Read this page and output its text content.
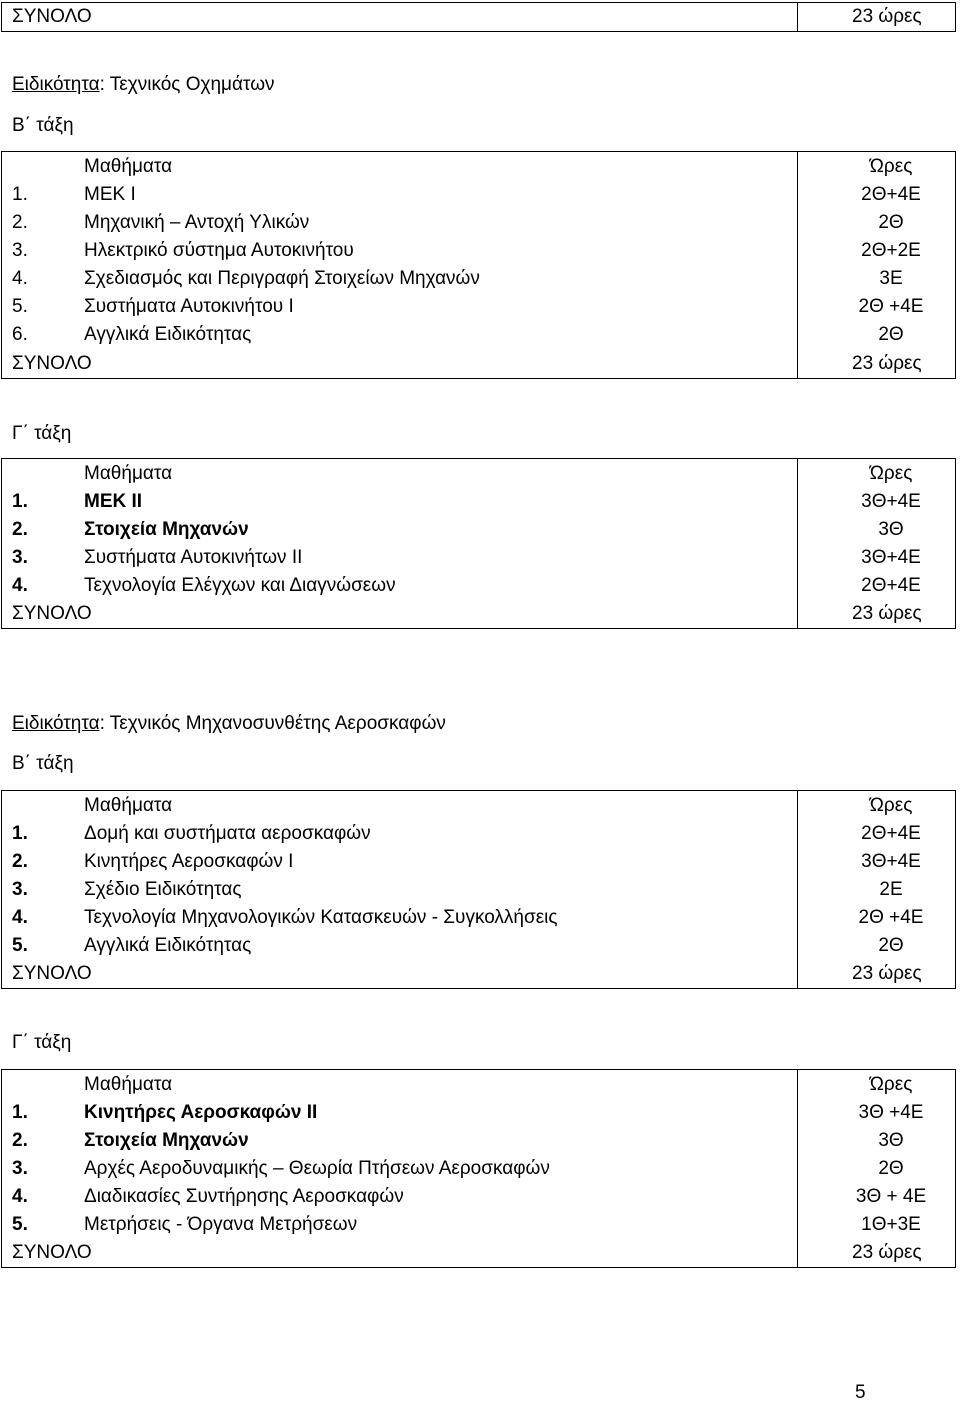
ΣΥΝΟΛΟ	23 ώρες
Ειδικότητα: Τεχνικός Οχημάτων
Β΄ τάξη
Μαθήματα	Ώρες
1.	ΜΕΚ Ι	2Θ+4Ε
2.	Μηχανική – Αντοχή Υλικών	2Θ
3.	Ηλεκτρικό σύστημα Αυτοκινήτου	2Θ+2Ε
4.	Σχεδιασμός και Περιγραφή Στοιχείων Μηχανών	3Ε
5.	Συστήματα Αυτοκινήτου Ι	2Θ +4Ε
6.	Αγγλικά Ειδικότητας	2Θ
ΣΥΝΟΛΟ	23 ώρες
Γ΄ τάξη
Μαθήματα	Ώρες
1.	ΜΕΚ ΙΙ	3Θ+4Ε
2.	Στοιχεία Μηχανών	3Θ
3.	Συστήματα Αυτοκινήτων ΙΙ	3Θ+4Ε
4.	Τεχνολογία Ελέγχων και Διαγνώσεων	2Θ+4Ε
ΣΥΝΟΛΟ	23 ώρες
Ειδικότητα: Τεχνικός Μηχανοσυνθέτης Αεροσκαφών
Β΄ τάξη
Μαθήματα	Ώρες
1.	Δομή και συστήματα αεροσκαφών	2Θ+4Ε
2.	Κινητήρες Αεροσκαφών Ι	3Θ+4Ε
3.	Σχέδιο Ειδικότητας	2Ε
4.	Τεχνολογία Μηχανολογικών Κατασκευών - Συγκολλήσεις	2Θ +4Ε
5.	Αγγλικά Ειδικότητας	2Θ
ΣΥΝΟΛΟ	23 ώρες
Γ΄ τάξη
Μαθήματα	Ώρες
1.	Κινητήρες Αεροσκαφών ΙΙ	3Θ +4Ε
2.	Στοιχεία Μηχανών	3Θ
3.	Αρχές Αεροδυναμικής – Θεωρία Πτήσεων Αεροσκαφών	2Θ
4.	Διαδικασίες Συντήρησης Αεροσκαφών	3Θ + 4Ε
5.	Μετρήσεις - Όργανα Μετρήσεων	1Θ+3Ε
ΣΥΝΟΛΟ	23 ώρες
5
